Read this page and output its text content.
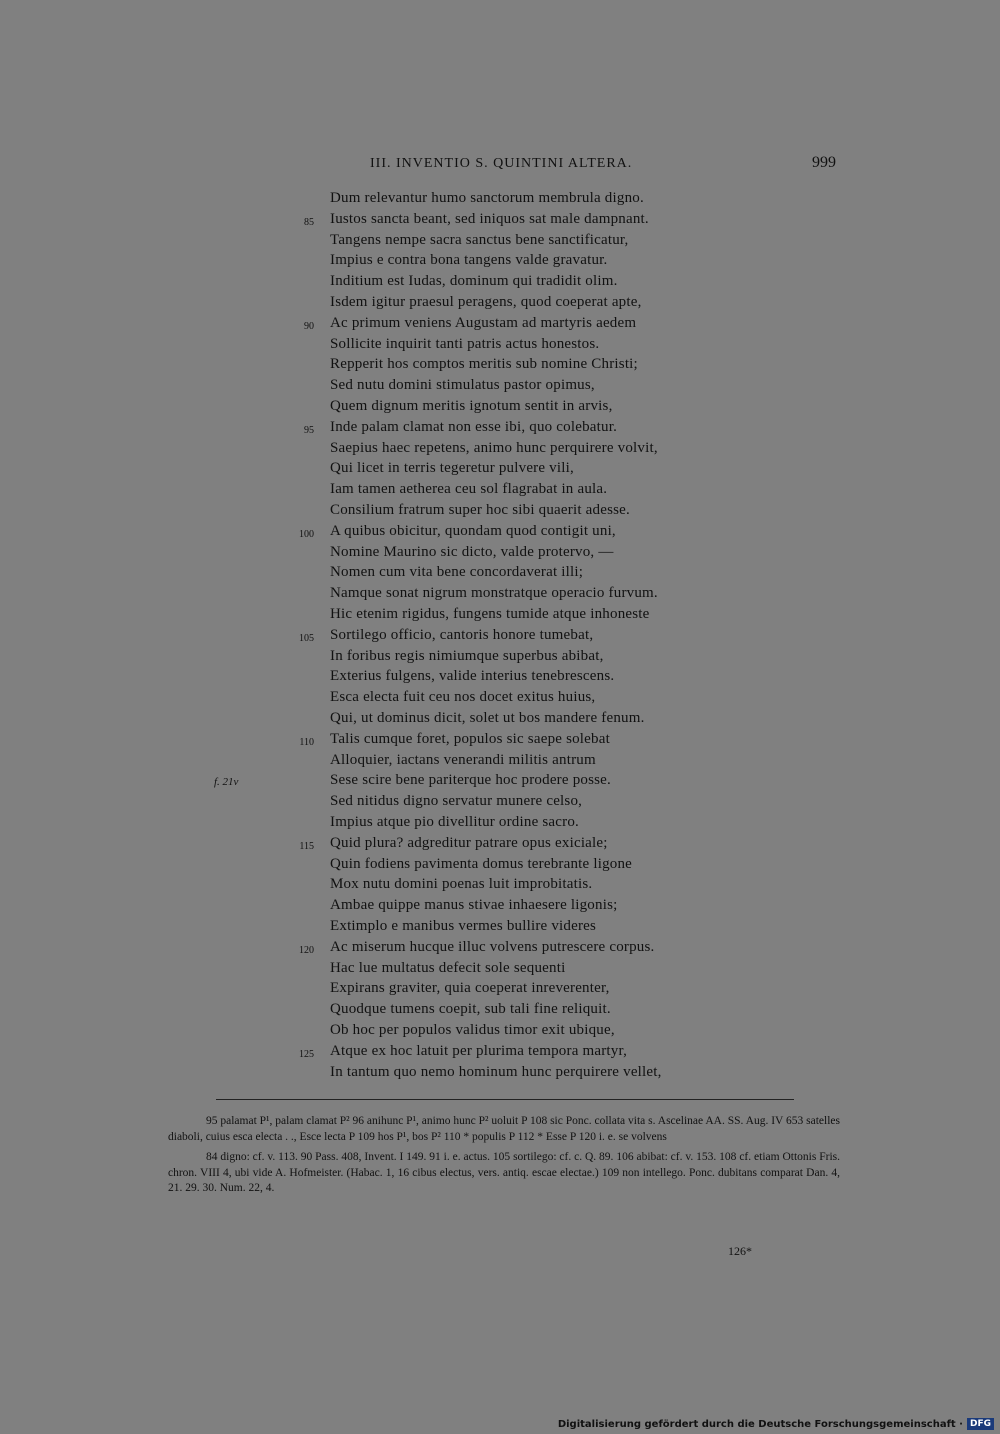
III. INVENTIO S. QUINTINI ALTERA.	999
Dum relevantur humo sanctorum membrula digno.
85 Iustos sancta beant, sed iniquos sat male dampnant.
Tangens nempe sacra sanctus bene sanctificatur,
Impius e contra bona tangens valde gravatur.
Inditium est Iudas, dominum qui tradidit olim.
Isdem igitur praesul peragens, quod coeperat apte,
90 Ac primum veniens Augustam ad martyris aedem
Sollicite inquirit tanti patris actus honestos.
Repperit hos comptos meritis sub nomine Christi;
Sed nutu domini stimulatus pastor opimus,
Quem dignum meritis ignotum sentit in arvis,
95 Inde palam clamat non esse ibi, quo colebatur.
Saepius haec repetens, animo hunc perquirere volvit,
Qui licet in terris tegeretur pulvere vili,
Iam tamen aetherea ceu sol flagrabat in aula.
Consilium fratrum super hoc sibi quaerit adesse.
100 A quibus obicitur, quondam quod contigit uni,
Nomine Maurino sic dicto, valde protervo, —
Nomen cum vita bene concordaverat illi;
Namque sonat nigrum monstratque operacio furvum.
Hic etenim rigidus, fungens tumide atque inhoneste
105 Sortilego officio, cantoris honore tumebat,
In foribus regis nimiumque superbus abibat,
Exterius fulgens, valide interius tenebrescens.
Esca electa fuit ceu nos docet exitus huius,
Qui, ut dominus dicit, solet ut bos mandere fenum.
110 Talis cumque foret, populos sic saepe solebat
Alloquier, iactans venerandi militis antrum
Sese scire bene pariterque hoc prodere posse.
f. 21v
Sed nitidus digno servatur munere celso,
Impius atque pio divellitur ordine sacro.
115 Quid plura? adgreditur patrare opus exiciale;
Quin fodiens pavimenta domus terebrante ligone
Mox nutu domini poenas luit improbitatis.
Ambae quippe manus stivae inhaesere ligonis;
Extimplo e manibus vermes bullire videres
120 Ac miserum hucque illuc volvens putrescere corpus.
Hac lue multatus defecit sole sequenti
Expirans graviter, quia coeperat inreverenter,
Quodque tumens coepit, sub tali fine reliquit.
Ob hoc per populos validus timor exit ubique,
125 Atque ex hoc latuit per plurima tempora martyr,
In tantum quo nemo hominum hunc perquirere vellet,

95 palamat P¹, palam clamat P² 96 anihunc P¹, animo hunc P² uoluit P 108 sic Ponc. collata vita s. Ascelinae AA. SS. Aug. IV 653 satelles diaboli, cuius esca electa . ., Esce lecta P 109 hos P¹, bos P² 110 * populis P 112 * Esse P 120 i. e. se volvens

84 digno: cf. v. 113. 90 Pass. 408, Invent. I 149. 91 i. e. actus. 105 sortilego: cf. c. Q. 89. 106 abibat: cf. v. 153. 108 cf. etiam Ottonis Fris. chron. VIII 4, ubi vide A. Hofmeister. (Habac. 1, 16 cibus electus, vers. antiq. escae electae.) 109 non intellego. Ponc. dubitans comparat Dan. 4, 21. 29. 30. Num. 22, 4.

126*
Digitalisierung gefördert durch die Deutsche Forschungsgemeinschaft · DFG
